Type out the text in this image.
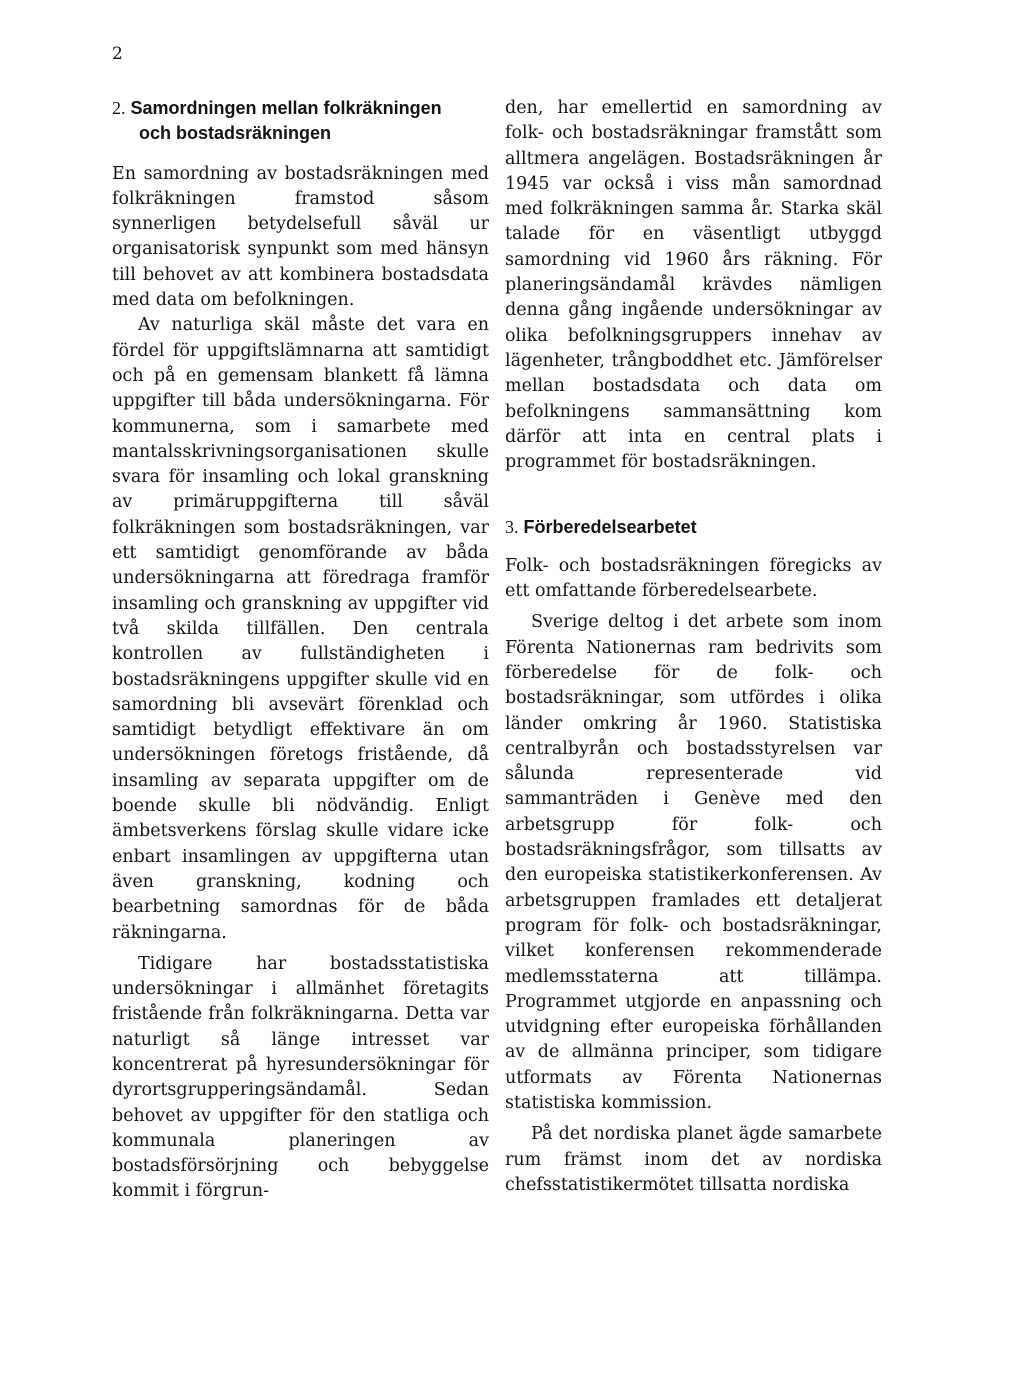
2
2. Samordningen mellan folkräkningen
och bostadsräkningen

En samordning av bostadsräkningen med folkräkningen framstod såsom synnerligen betydelsefull såväl ur organisatorisk synpunkt som med hänsyn till behovet av att kombinera bostadsdata med data om befolkningen.

Av naturliga skäl måste det vara en fördel för uppgiftslämnarna att samtidigt och på en gemensam blankett få lämna uppgifter till båda undersökningarna. För kommunerna, som i samarbete med mantalsskrivningsorganisationen skulle svara för insamling och lokal granskning av primäruppgifterna till såväl folkräkningen som bostadsräkningen, var ett samtidigt genomförande av båda undersökningarna att föredraga framför insamling och granskning av uppgifter vid två skilda tillfällen. Den centrala kontrollen av fullständigheten i bostadsräkningens uppgifter skulle vid en samordning bli avsevärt förenklad och samtidigt betydligt effektivare än om undersökningen företogs fristående, då insamling av separata uppgifter om de boende skulle bli nödvändig. Enligt ämbetsverkens förslag skulle vidare icke enbart insamlingen av uppgifterna utan även granskning, kodning och bearbetning samordnas för de båda räkningarna.

Tidigare har bostadsstatistiska undersökningar i allmänhet företagits fristående från folkräkningarna. Detta var naturligt så länge intresset var koncentrerat på hyresundersökningar för dyrortsgrupperingsändamål. Sedan behovet av uppgifter för den statliga och kommunala planeringen av bostadsförsörjning och bebyggelse kommit i förgrun-

den, har emellertid en samordning av folk- och bostadsräkningar framstått som alltmera angelägen. Bostadsräkningen år 1945 var också i viss mån samordnad med folkräkningen samma år. Starka skäl talade för en väsentligt utbyggd samordning vid 1960 års räkning. För planeringsändamål krävdes nämligen denna gång ingående undersökningar av olika befolkningsgruppers innehav av lägenheter, trångboddhet etc. Jämförelser mellan bostadsdata och data om befolkningens sammansättning kom därför att inta en central plats i programmet för bostadsräkningen.

3. Förberedelsearbetet

Folk- och bostadsräkningen föregicks av ett omfattande förberedelsearbete.

Sverige deltog i det arbete som inom Förenta Nationernas ram bedrivits som förberedelse för de folk- och bostadsräkningar, som utfördes i olika länder omkring år 1960. Statistiska centralbyrån och bostadsstyrelsen var sålunda representerade vid sammanträden i Genève med den arbetsgrupp för folk- och bostadsräkningsfrågor, som tillsatts av den europeiska statistikerkonferensen. Av arbetsgruppen framlades ett detaljerat program för folk- och bostadsräkningar, vilket konferensen rekommenderade medlemsstaterna att tillämpa. Programmet utgjorde en anpassning och utvidgning efter europeiska förhållanden av de allmänna principer, som tidigare utformats av Förenta Nationernas statistiska kommission.

På det nordiska planet ägde samarbete rum främst inom det av nordiska chefsstatistikermötet tillsatta nordiska
